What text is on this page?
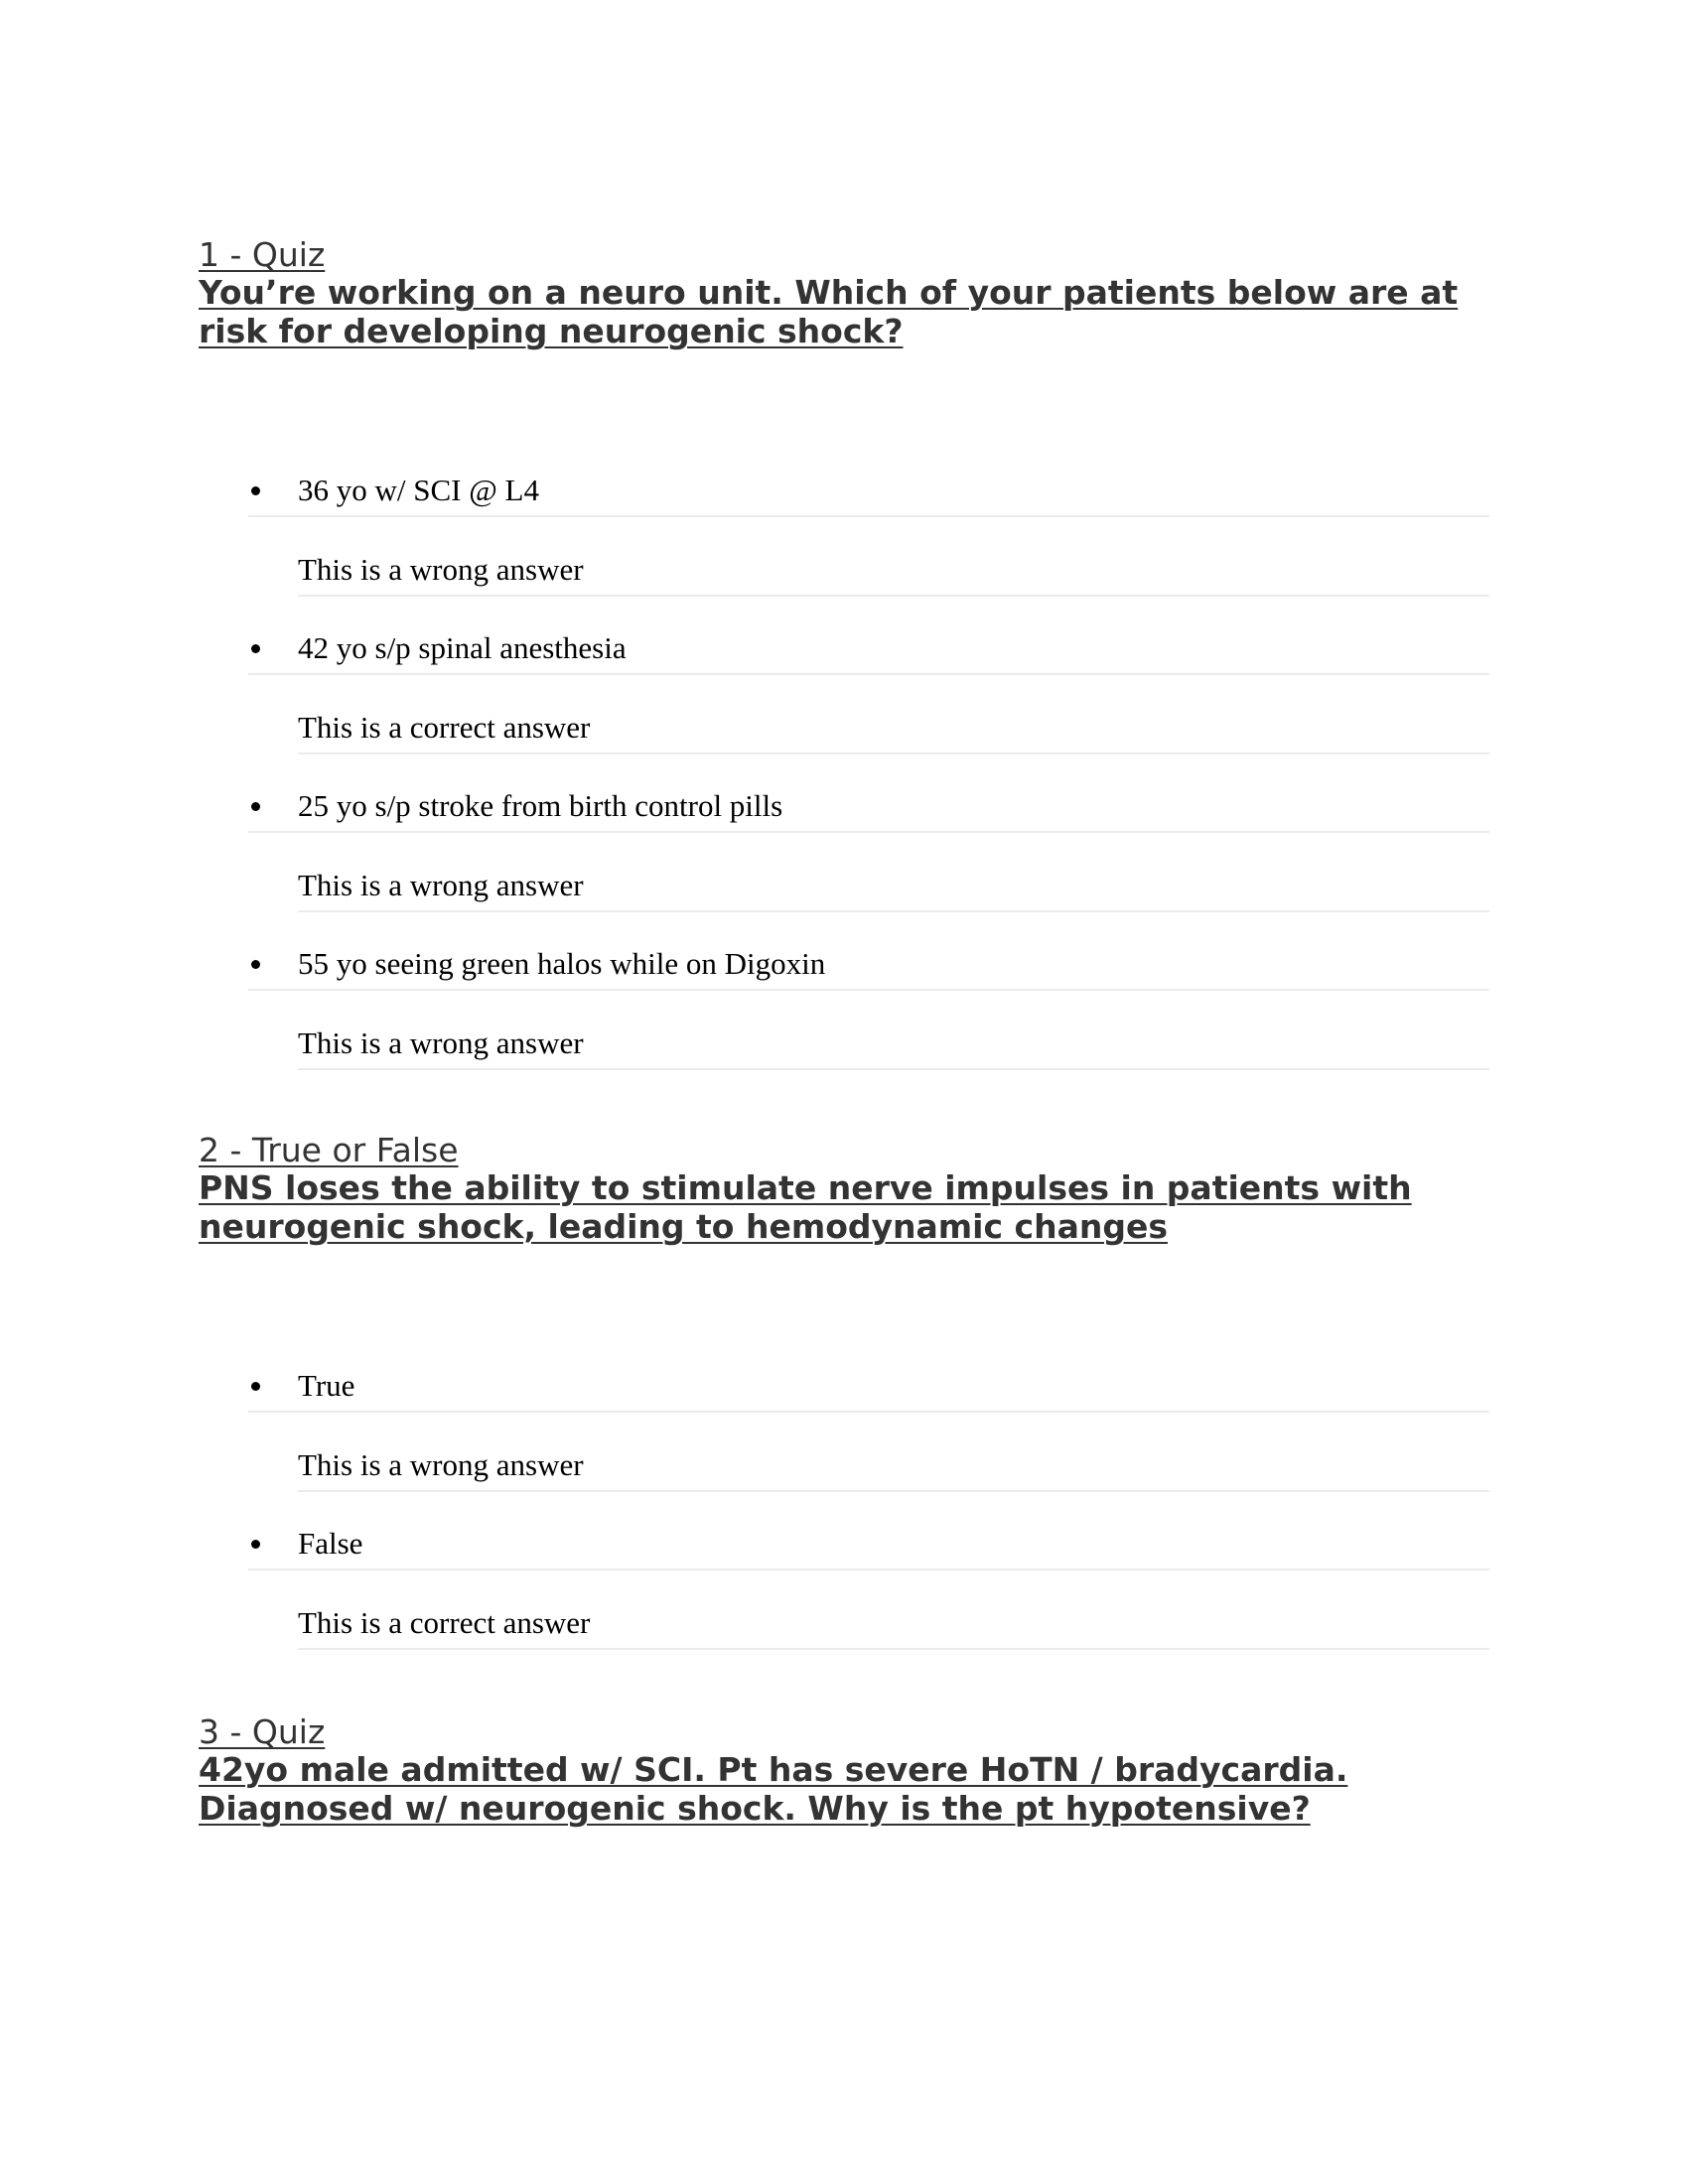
1 - Quiz
You’re working on a neuro unit. Which of your patients below are at
risk for developing neurogenic shock?
36 yo w/ SCI @ L4
This is a wrong answer
42 yo s/p spinal anesthesia
This is a correct answer
25 yo s/p stroke from birth control pills
This is a wrong answer
55 yo seeing green halos while on Digoxin
This is a wrong answer
2 - True or False
PNS loses the ability to stimulate nerve impulses in patients with
neurogenic shock, leading to hemodynamic changes
True
This is a wrong answer
False
This is a correct answer
3 - Quiz
42yo male admitted w/ SCI. Pt has severe HoTN / bradycardia.
Diagnosed w/ neurogenic shock. Why is the pt hypotensive?
